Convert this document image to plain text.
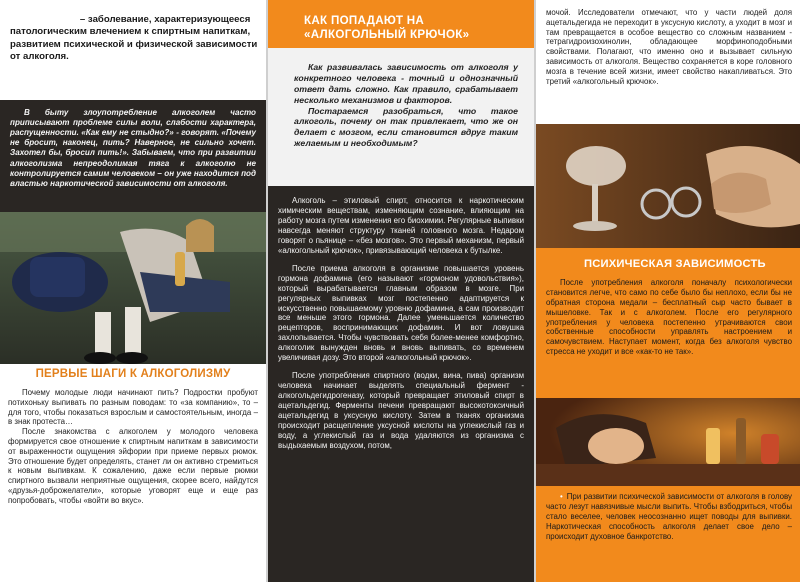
АЛКОГОЛИЗМ – заболевание, характеризующееся патологическим влечением к спиртным напиткам, развитием психической и физической зависимости от алкоголя.

В быту злоупотребление алкоголем часто приписывают проблеме силы воли, слабости характера, распущенности. «Как ему не стыдно?» - говорят. «Почему не бросит, наконец, пить? Наверное, не сильно хочет. Захотел бы, бросил пить!». Забываем, что при развитии алкоголизма непреодолимая тяга к алкоголю не контролируется самим человеком – он уже находится под властью наркотической зависимости от алкоголя.

ПЕРВЫЕ ШАГИ К АЛКОГОЛИЗМУ

Почему молодые люди начинают пить? Подростки пробуют потихоньку выпивать по разным поводам: то «за компанию», то – для того, чтобы показаться взрослым и самостоятельным, иногда – в знак протеста…

После знакомства с алкоголем у молодого человека формируется свое отношение к спиртным напиткам в зависимости от выраженности ощущения эйфории при приеме первых рюмок. Это отношение будет определять, станет ли он активно стремиться к новым выпивкам. К сожалению, даже если первые рюмки спиртного вызвали неприятные ощущения, скорее всего, найдутся «друзья-доброжелатели», которые уговорят еще и еще раз попробовать, чтобы «войти во вкус».

КАК ПОПАДАЮТ НА «АЛКОГОЛЬНЫЙ КРЮЧОК»

Как развивалась зависимость от алкоголя у конкретного человека - точный и однозначный ответ дать сложно. Как правило, срабатывает несколько механизмов и факторов.

Постараемся разобраться, что такое алкоголь, почему он так привлекает, что же он делает с мозгом, если становится вдруг таким желаемым и необходимым?

Алкоголь – этиловый спирт, относится к наркотическим химическим веществам, изменяющим сознание, влияющим на работу мозга путем изменения его биохимии. Регулярные выпивки навсегда меняют структуру тканей головного мозга. Недаром говорят о пьянице – «без мозгов». Это первый механизм, первый «алкогольный крючок», привязывающий человека к бутылке.

После приема алкоголя в организме повышается уровень гормона дофамина (его называют «гормоном удовольствия»), который вырабатывается главным образом в мозге. При регулярных выпивках мозг постепенно адаптируется к искусственно повышаемому уровню дофамина, а сам производит все меньше этого гормона. Далее уменьшается количество рецепторов, воспринимающих дофамин. И вот ловушка захлопывается. Чтобы чувствовать себя более-менее комфортно, алкоголик вынужден вновь и вновь выпивать, со временем увеличивая дозу. Это второй «алкогольный крючок».

После употребления спиртного (водки, вина, пива) организм человека начинает выделять специальный фермент - алкогольдегидрогеназу, который превращает этиловый спирт в ацетальдегид. Ферменты печени превращают высокотоксичный ацетальдегид в уксусную кислоту. Затем в тканях организма происходит расщепление уксусной кислоты на углекислый газ и воду, а углекислый газ и вода удаляются из организма с выдыхаемым воздухом, потом,

мочой. Исследователи отмечают, что у части людей доля ацетальдегида не переходит в уксусную кислоту, а уходит в мозг и там превращается в особое вещество со сложным названием - тетрагидроизохинолин, обладающее морфиноподобными свойствами. Полагают, что именно оно и вызывает сильную зависимость от алкоголя. Вещество сохраняется в коре головного мозга в течение всей жизни, имеет свойство накапливаться. Это третий «алкогольный крючок».

ПСИХИЧЕСКАЯ ЗАВИСИМОСТЬ

После употребления алкоголя поначалу психологически становится легче, что само по себе было бы неплохо, если бы не обратная сторона медали – бесплатный сыр часто бывает в мышеловке. Так и с алкоголем. После его регулярного употребления у человека постепенно утрачиваются свои собственные способности управлять настроением и самочувствием. Наступает момент, когда без алкоголя чувство стресса не уходит и все «как-то не так».

• При развитии психической зависимости от алкоголя в голову часто лезут навязчивые мысли выпить. Чтобы взбодриться, чтобы стало веселее, человек неосознанно ищет поводы для выпивки. Наркотическая способность алкоголя делает свое дело – происходит духовное банкротство.
